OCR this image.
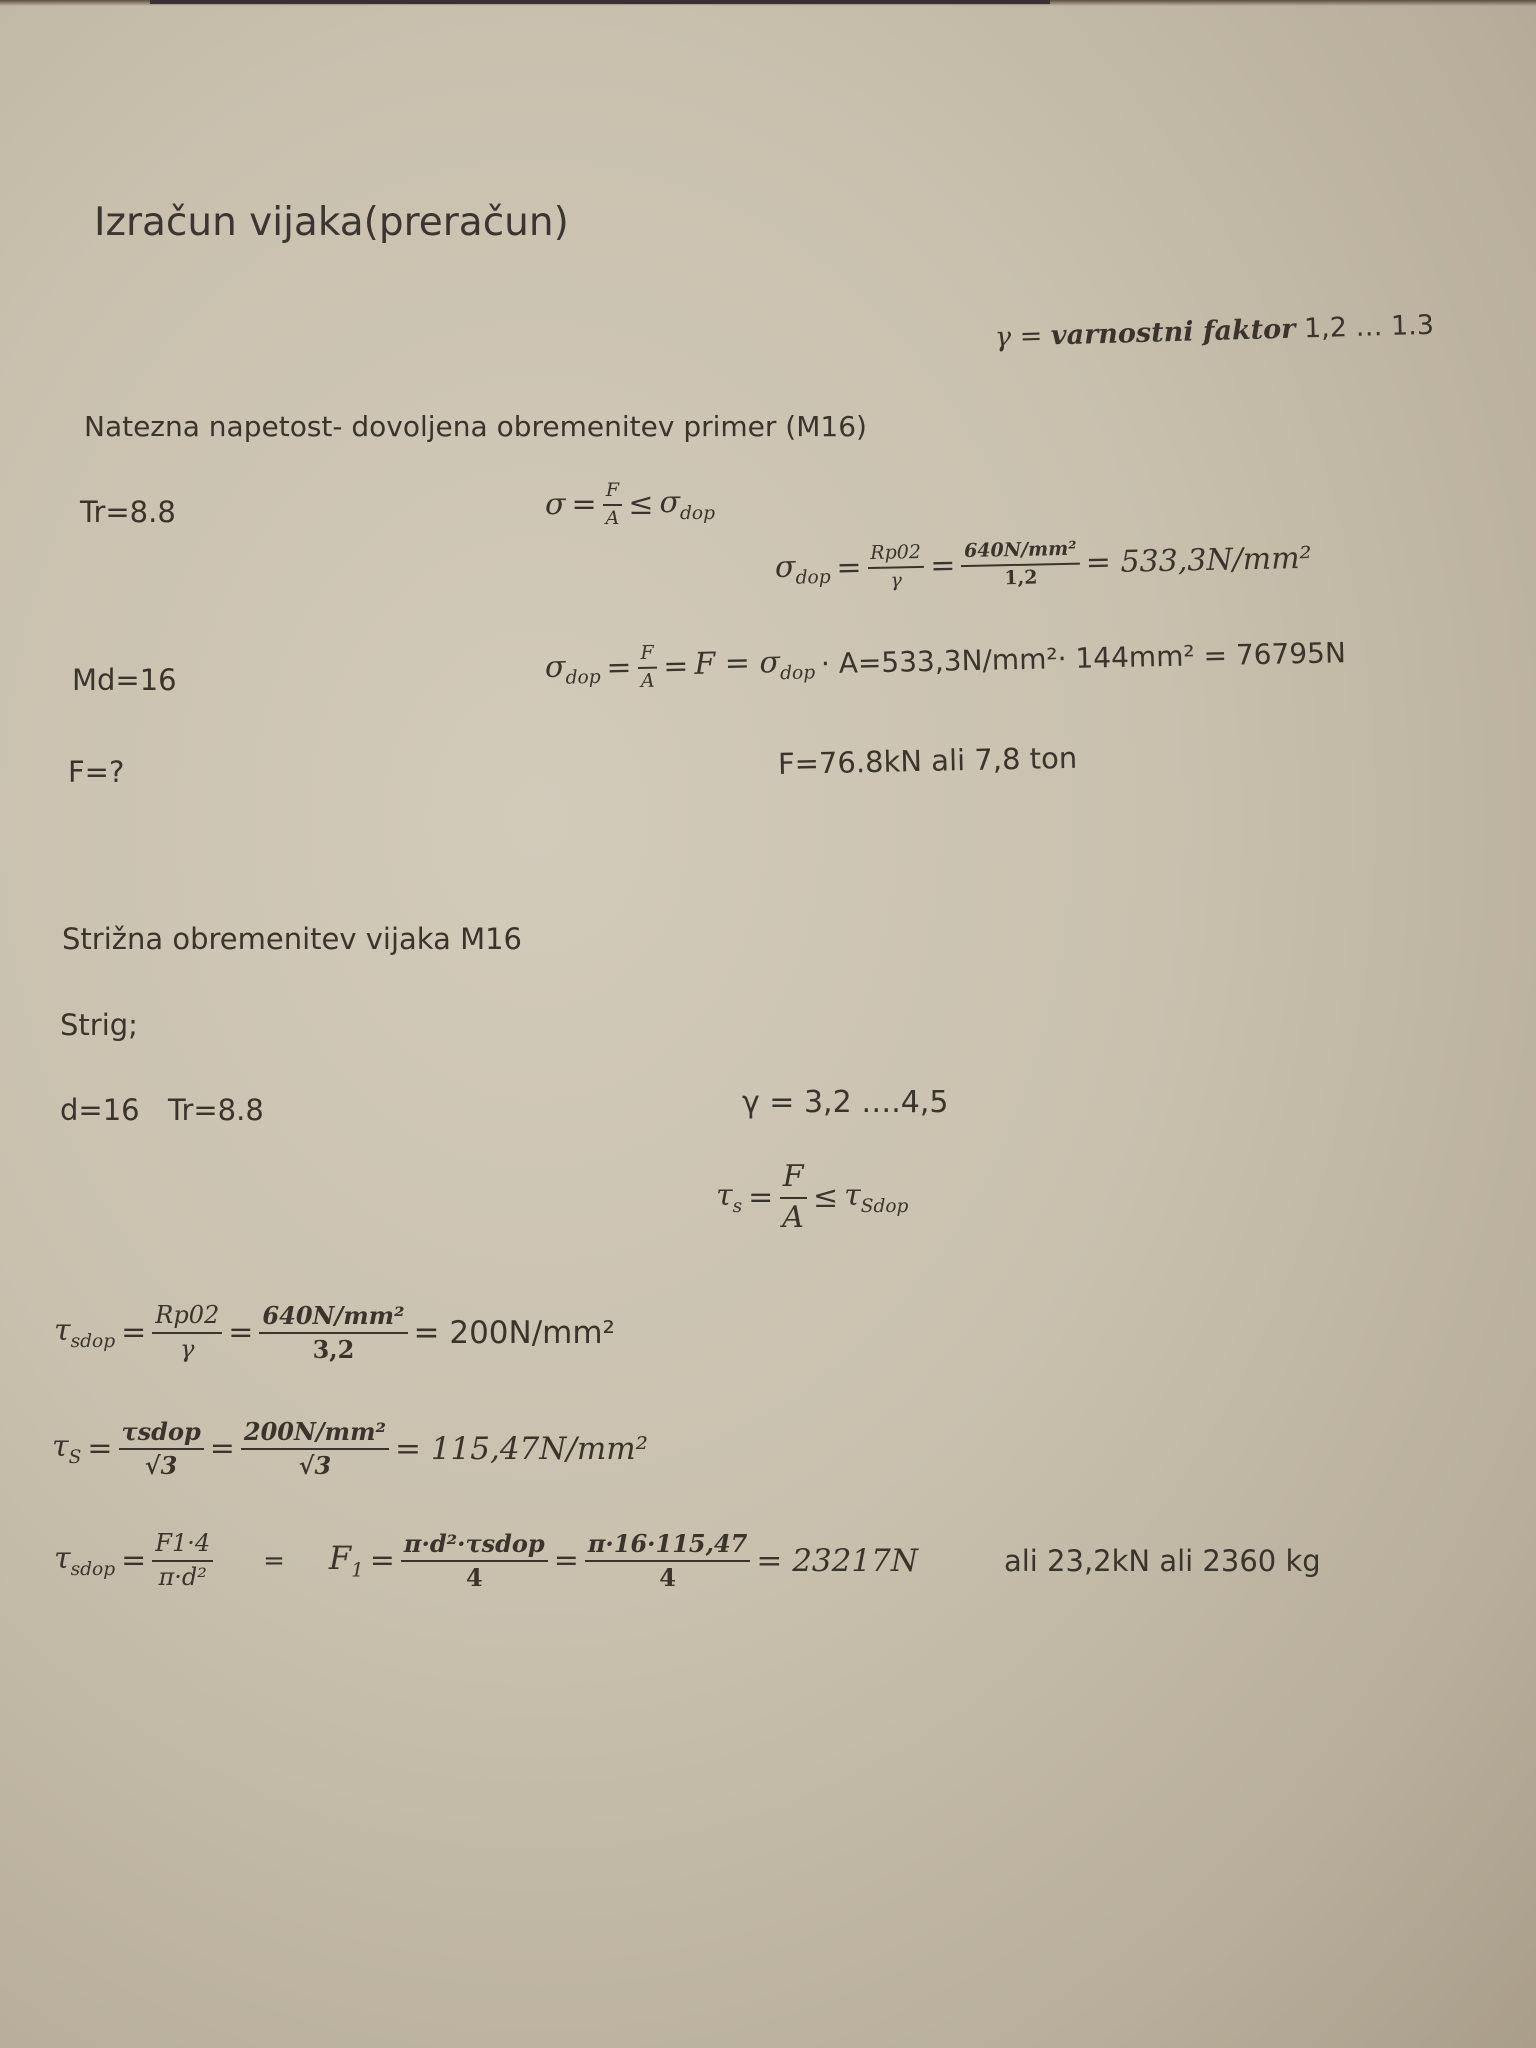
Izračun vijaka(preračun)
γ = varnostni faktor 1,2 … 1.3
Natezna napetost- dovoljena obremenitev primer (M16)
Tr=8.8	$\sigma = \frac{F}{A} \le \sigma_{dop}$
$\sigma_{dop} = \frac{Rp02}{\gamma} = \frac{\text{640N/mm²}}{1,2} = 533,3N/mm^2$
Md=16	$\sigma_{dop} = \frac{F}{A} = F = \sigma_{dop} \cdot A=533,3N/mm^2\cdot 144mm^2 = 76795N$
F=?	F=76.8kN ali 7,8 ton
Strižna obremenitev vijaka M16
Strig;
d=16 Tr=8.8	γ = 3,2 ….4,5
$\tau_s = \frac{F}{A} \le \tau_{Sdop}$
$\tau_{sdop} = \frac{Rp02}{\gamma} = \frac{\text{640N/mm²}}{3,2} = 200N/mm^2$
$\tau_S = \frac{\text{τsdop}}{√3} = \frac{\text{200N/mm²}}{√3} = 115,47N/mm^2$
$\tau_{sdop} = \frac{F1\cdot 4}{\text{π·d²}} = F_1 = \frac{\text{π·d²·τsdop}}{4} = \frac{\pi\cdot 16\cdot 115,47}{4} = 23217N$	ali 23,2kN ali 2360 kg
